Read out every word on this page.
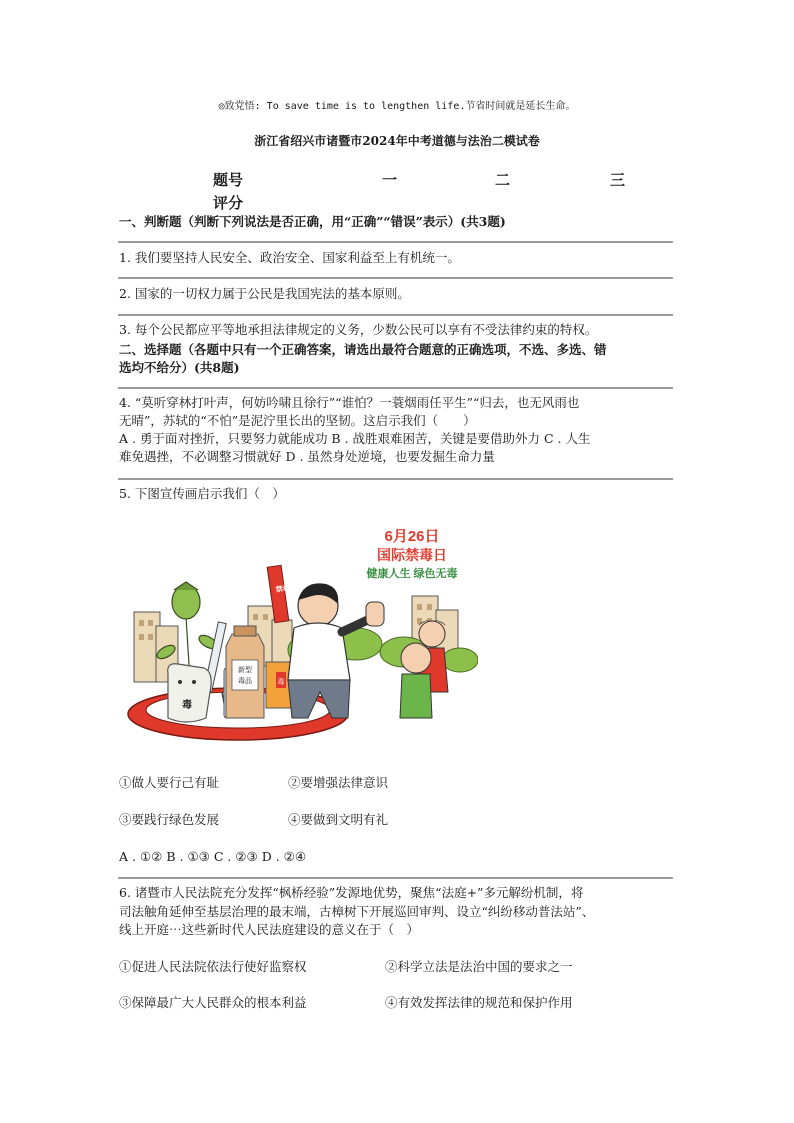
◎致党悟: To save time is to lengthen life.节省时间就是延长生命。
浙江省绍兴市诸暨市2024年中考道德与法治二模试卷
题号	一	二	三
评分
一、判断题（判断下列说法是否正确，用“正确”“错误”表示）(共3题)
1. 我们要坚持人民安全、政治安全、国家利益至上有机统一。
2. 国家的一切权力属于公民是我国宪法的基本原则。
3. 每个公民都应平等地承担法律规定的义务，少数公民可以享有不受法律约束的特权。
二、选择题（各题中只有一个正确答案，请选出最符合题意的正确选项，不选、多选、错
选均不给分）(共8题)
4. “莫听穿林打叶声，何妨吟啸且徐行”“谁怕？一蓑烟雨任平生”“归去，也无风雨也
无晴”，苏轼的“不怕”是泥泞里长出的坚韧。这启示我们（　　）
A . 勇于面对挫折，只要努力就能成功 B . 战胜艰难困苦，关键是要借助外力 C . 人生
难免遇挫，不必调整习惯就好 D . 虽然身处逆境，也要发掘生命力量
5. 下图宣传画启示我们（　）
6月26日
国际禁毒日
健康人生 绿色无毒
毒
新型
毒品	毒
禁毒
①做人要行己有耻	②要增强法律意识
③要践行绿色发展	④要做到文明有礼
A . ①② B . ①③ C . ②③ D . ②④
6. 诸暨市人民法院充分发挥“枫桥经验”发源地优势，聚焦“法庭+”多元解纷机制，将
司法触角延伸至基层治理的最末端，古樟树下开展巡回审判、设立“纠纷移动普法站”、
线上开庭⋯这些新时代人民法庭建设的意义在于（　）
①促进人民法院依法行使好监察权	②科学立法是法治中国的要求之一
③保障最广大人民群众的根本利益	④有效发挥法律的规范和保护作用
